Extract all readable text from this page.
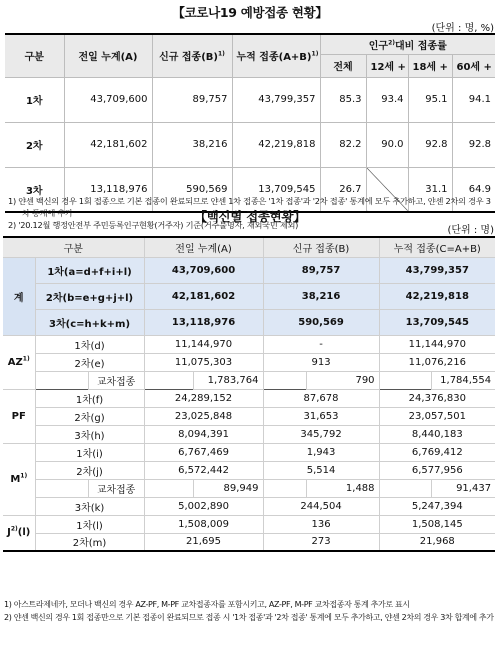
【코로나19 예방접종 현황】
(단위 : 명, %)
구분	전일 누계(A)	신규 접종$(B)^{1)}$	누적 접종$(A+B)^{1)}$	인구$^{2)}$대비 접종률			
				전체	12세 +	18세 +	60세 +
1차	43,709,600	89,757	43,799,357	85.3	93.4	95.1	94.1
2차	42,181,602	38,216	42,219,818	82.2	90.0	92.8	92.8
3차	13,118,976	590,569	13,709,545	26.7		31.1	64.9
1) 얀센 백신의 경우 1회 접종으로 기본 접종이 완료되므로 얀센 1차 접종은 '1차 접종'과 '2차 접종' 통계에 모두 추가하고, 얀센 2차의 경우 3차 통계에 추가
2) '20.12월 행정안전부 주민등록인구현황(거주자) 기준(거주불명자, 재외국민 제외)
【백신별 접종현황】
(단위 : 명)
구분			전일 누계(A)		신규 접종(B)		누적 접종(C=A+B)	
계	1차(a=d+f+i+l)		43,709,600		89,757		43,799,357	
	2차(b=e+g+j+l)		42,181,602		38,216		42,219,818	
	3차(c=h+k+m)		13,118,976		590,569		13,709,545	
AZ$^{1)}$	1차(d)		11,144,970		-		11,144,970	
	2차(e)		11,075,303		913		11,076,216	
		교차접종		1,783,764		790		1,784,554
PF	1차(f)		24,289,152		87,678		24,376,830	
	2차(g)		23,025,848		31,653		23,057,501	
	3차(h)		8,094,391		345,792		8,440,183	
$M^{1)}$	1차(i)		6,767,469		1,943		6,769,412	
	2차(j)		6,572,442		5,514		6,577,956	
		교차접종		89,949		1,488		91,437
	3차(k)		5,002,890		244,504		5,247,394	
$J^{2)}(l)$	1차(l)		1,508,009		136		1,508,145	
	2차(m)		21,695		273		21,968	
1) 아스트라제네카, 모더나 백신의 경우 AZ-PF, M-PF 교차접종자를 포함시키고, AZ-PF, M-PF 교차접종자 통계 추가로 표시
2) 얀센 백신의 경우 1회 접종만으로 기본 접종이 완료되므로 접종 시 '1차 접종'과 '2차 접종' 통계에 모두 추가하고, 얀센 2차의 경우 3차 합계에 추가
